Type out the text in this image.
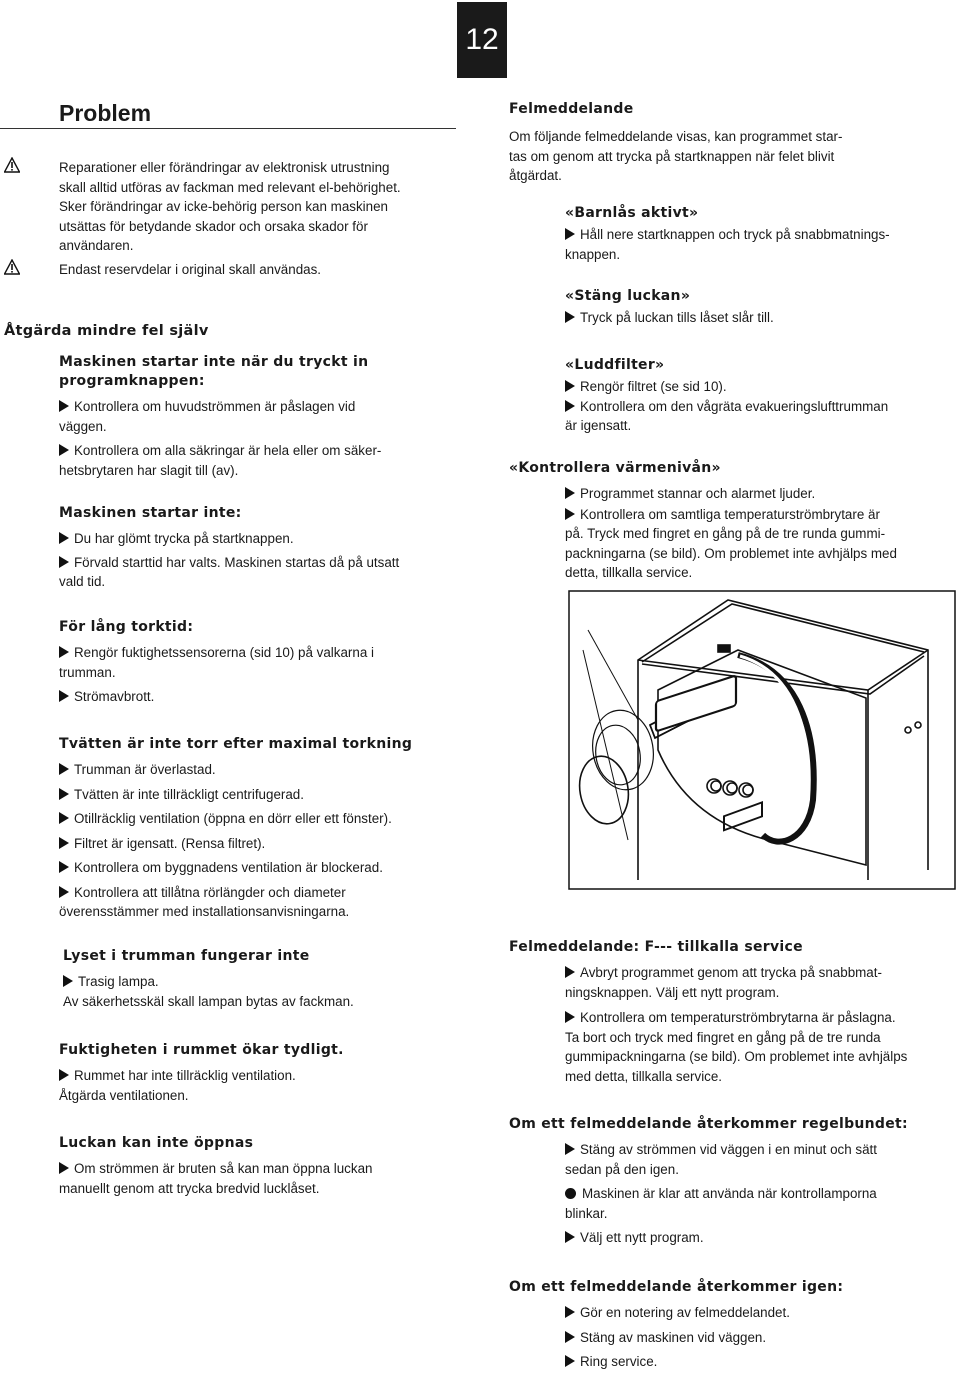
12
Problem
Reparationer eller förändringar av elektronisk utrustning
skall alltid utföras av fackman med relevant el-behörighet.
Sker förändringar av icke-behörig person kan maskinen
utsättas för betydande skador och orsaka skador för
användaren.
Endast reservdelar i original skall användas.
Åtgärda mindre fel själv
Maskinen startar inte när du tryckt in
programknappen:

Kontrollera om huvudströmmen är påslagen vid

väggen.

Kontrollera om alla säkringar är hela eller om säker-

hetsbrytaren har slagit till (av).

Maskinen startar inte:

Du har glömt trycka på startknappen.

Förvald starttid har valts. Maskinen startas då på utsatt

vald tid.

För lång torktid:

Rengör fuktighetssensorerna (sid 10) på valkarna i

trumman.

Strömavbrott.

Tvätten är inte torr efter maximal torkning

Trumman är överlastad.

Tvätten är inte tillräckligt centrifugerad.

Otillräcklig ventilation (öppna en dörr eller ett fönster).

Filtret är igensatt. (Rensa filtret).

Kontrollera om byggnadens ventilation är blockerad.

Kontrollera att tillåtna rörlängder och diameter

överensstämmer med installationsanvisningarna.

Lyset i trumman fungerar inte

Trasig lampa.

Av säkerhetsskäl skall lampan bytas av fackman.

Fuktigheten i rummet ökar tydligt.

Rummet har inte tillräcklig ventilation.

Åtgärda ventilationen.

Luckan kan inte öppnas

Om strömmen är bruten så kan man öppna luckan

manuellt genom att trycka bredvid lucklåset.

Felmeddelande

Om följande felmeddelande visas, kan programmet star-

tas om genom att trycka på startknappen när felet blivit

åtgärdat.

«Barnlås aktivt»

Håll nere startknappen och tryck på snabbmatnings-

knappen.

«Stäng luckan»

Tryck på luckan tills låset slår till.

«Luddfilter»

Rengör filtret (se sid 10).

Kontrollera om den vågräta evakueringslufttrumman

är igensatt.

«Kontrollera värmenivån»

Programmet stannar och alarmet ljuder.

Kontrollera om samtliga temperaturströmbrytare är

på. Tryck med fingret en gång på de tre runda gummi-

packningarna (se bild). Om problemet inte avhjälps med

detta, tillkalla service.

Felmeddelande: F--- tillkalla service

Avbryt programmet genom att trycka på snabbmat-

ningsknappen. Välj ett nytt program.

Kontrollera om temperaturströmbrytarna är påslagna.

Ta bort och tryck med fingret en gång på de tre runda

gummipackningarna (se bild). Om problemet inte avhjälps

med detta, tillkalla service.

Om ett felmeddelande återkommer regelbundet:

Stäng av strömmen vid väggen i en minut och sätt

sedan på den igen.

Maskinen är klar att använda när kontrollamporna

blinkar.

Välj ett nytt program.

Om ett felmeddelande återkommer igen:

Gör en notering av felmeddelandet.

Stäng av maskinen vid väggen.

Ring service.
